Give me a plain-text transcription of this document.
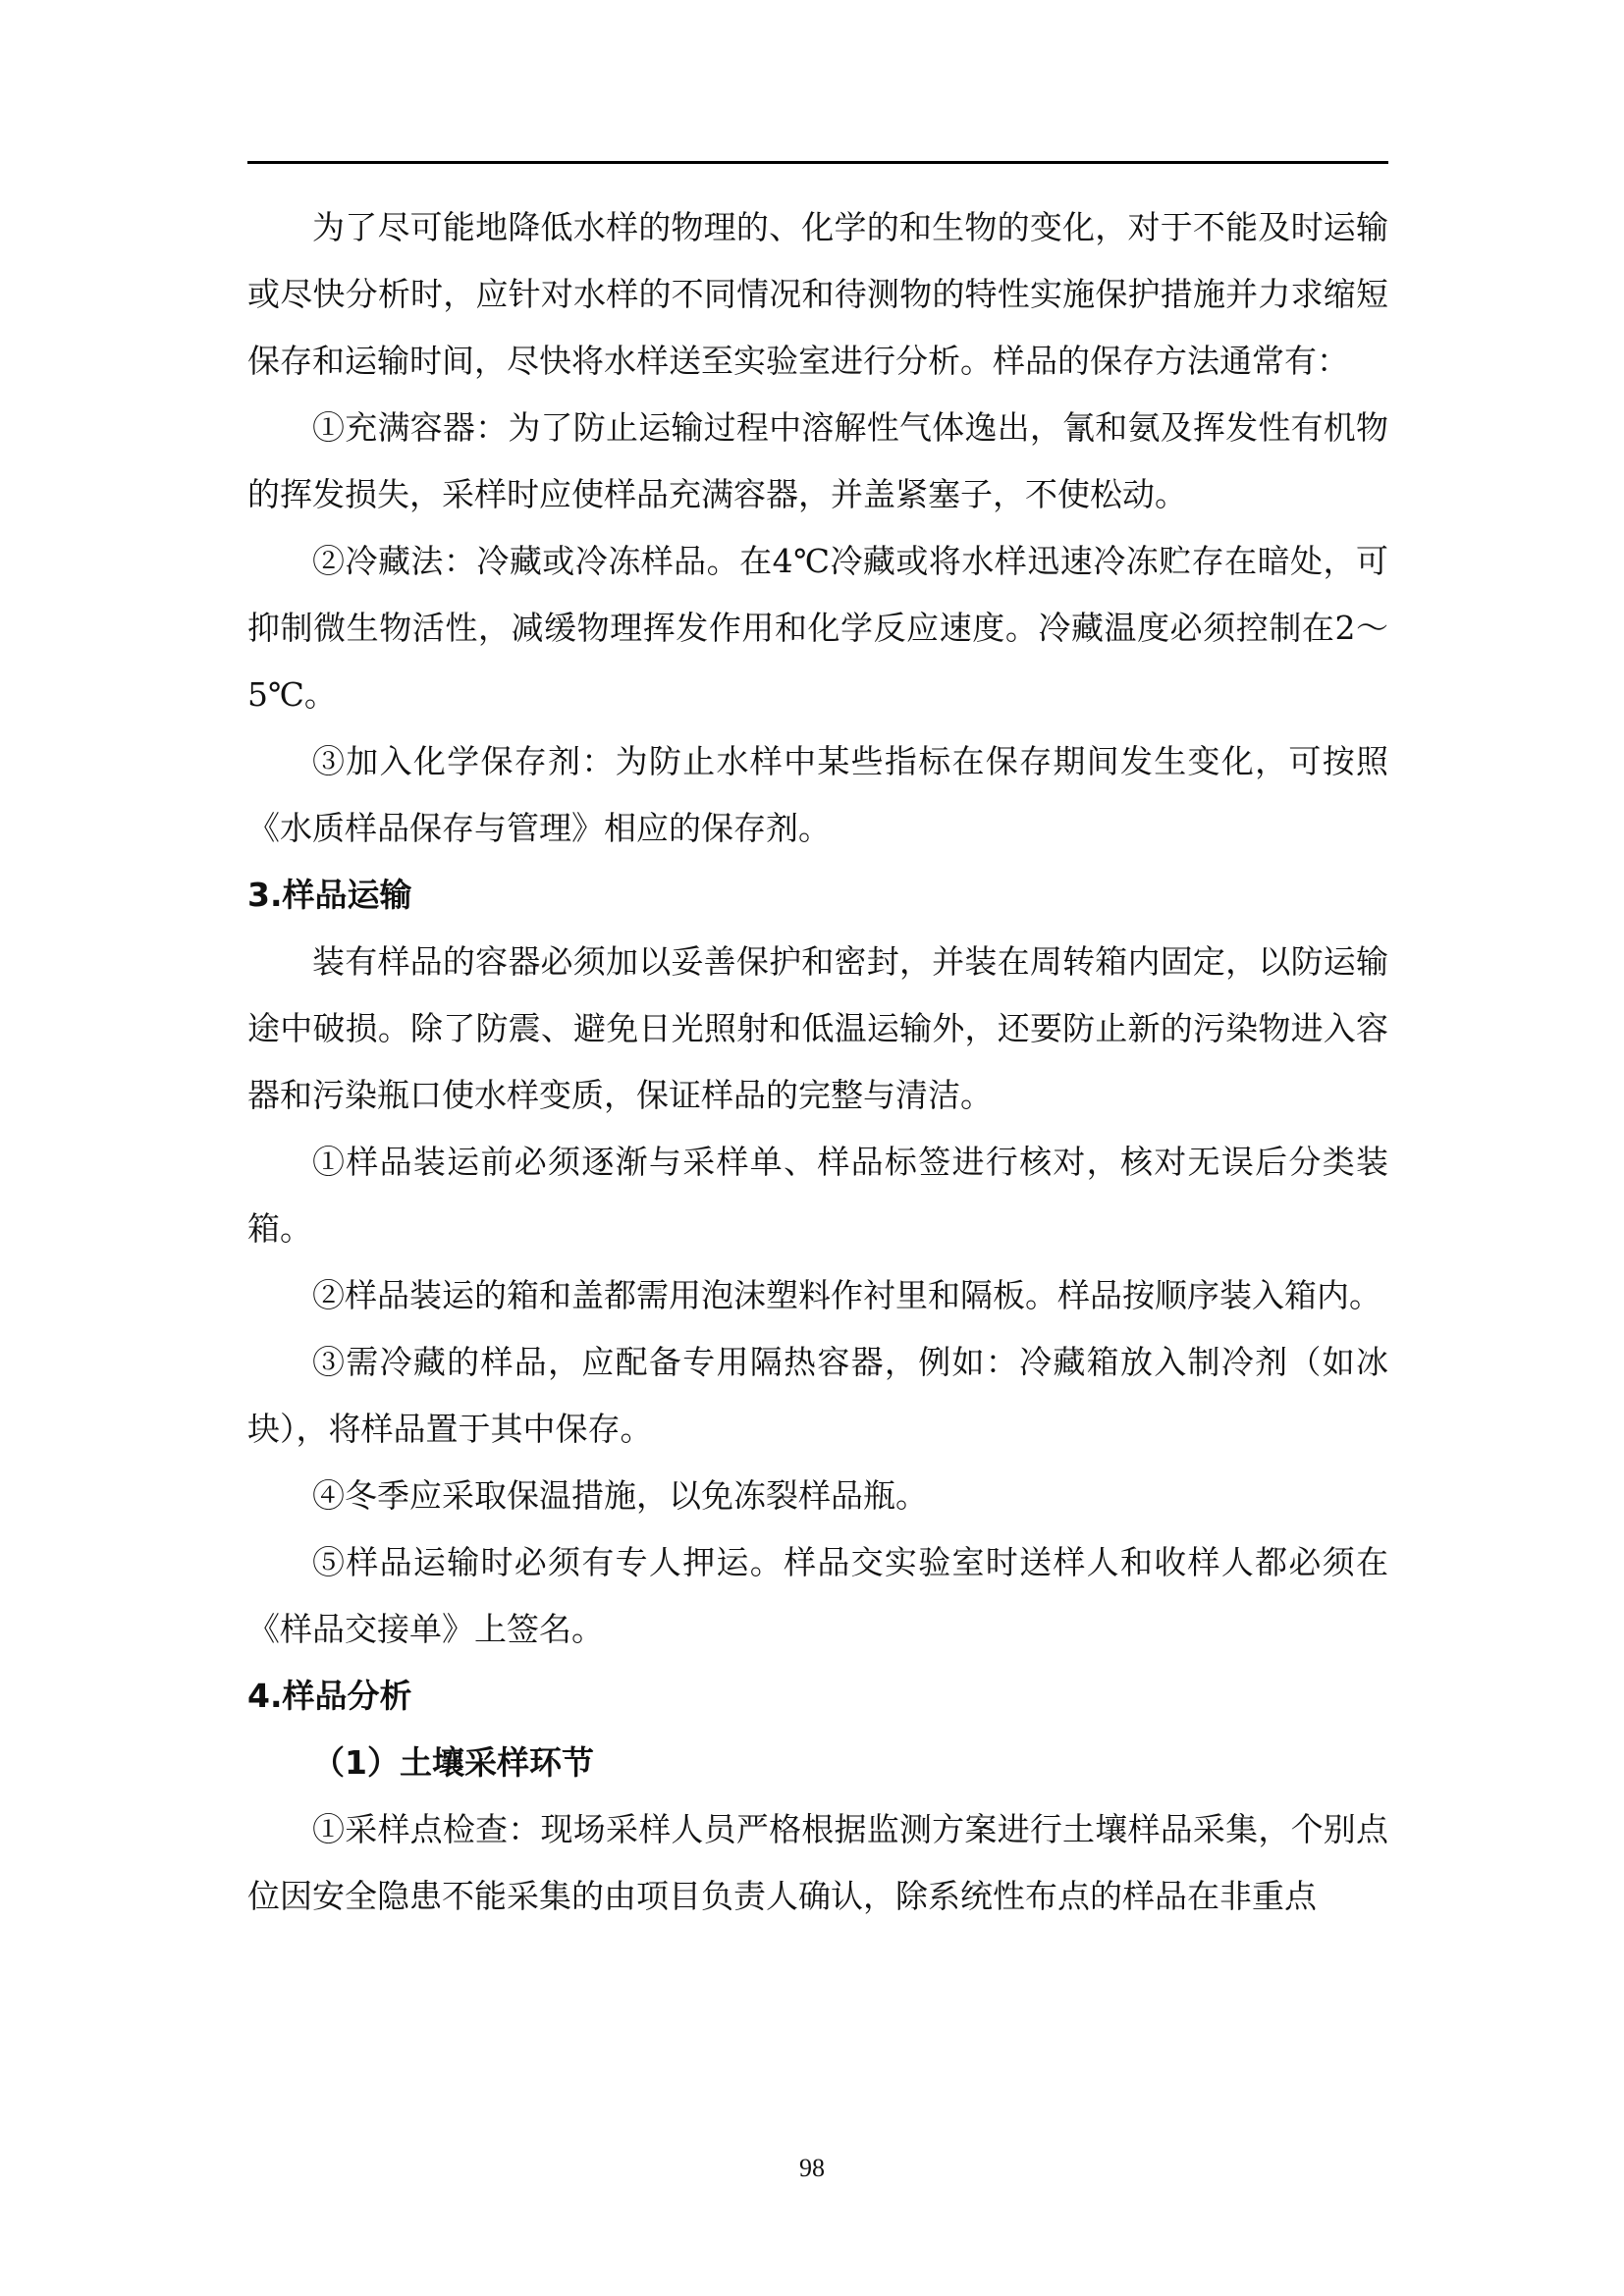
为了尽可能地降低水样的物理的、化学的和生物的变化，对于不能及时运输或尽快分析时，应针对水样的不同情况和待测物的特性实施保护措施并力求缩短保存和运输时间，尽快将水样送至实验室进行分析。样品的保存方法通常有：

①充满容器：为了防止运输过程中溶解性气体逸出，氰和氨及挥发性有机物的挥发损失，采样时应使样品充满容器，并盖紧塞子，不使松动。

②冷藏法：冷藏或冷冻样品。在4℃冷藏或将水样迅速冷冻贮存在暗处，可抑制微生物活性，减缓物理挥发作用和化学反应速度。冷藏温度必须控制在2～5℃。

③加入化学保存剂：为防止水样中某些指标在保存期间发生变化，可按照《水质样品保存与管理》相应的保存剂。

3.样品运输

装有样品的容器必须加以妥善保护和密封，并装在周转箱内固定，以防运输途中破损。除了防震、避免日光照射和低温运输外，还要防止新的污染物进入容器和污染瓶口使水样变质，保证样品的完整与清洁。

①样品装运前必须逐渐与采样单、样品标签进行核对，核对无误后分类装箱。

②样品装运的箱和盖都需用泡沫塑料作衬里和隔板。样品按顺序装入箱内。

③需冷藏的样品，应配备专用隔热容器，例如：冷藏箱放入制冷剂（如冰块），将样品置于其中保存。

④冬季应采取保温措施，以免冻裂样品瓶。

⑤样品运输时必须有专人押运。样品交实验室时送样人和收样人都必须在《样品交接单》上签名。

4.样品分析

（1）土壤采样环节

①采样点检查：现场采样人员严格根据监测方案进行土壤样品采集，个别点位因安全隐患不能采集的由项目负责人确认，除系统性布点的样品在非重点

98
